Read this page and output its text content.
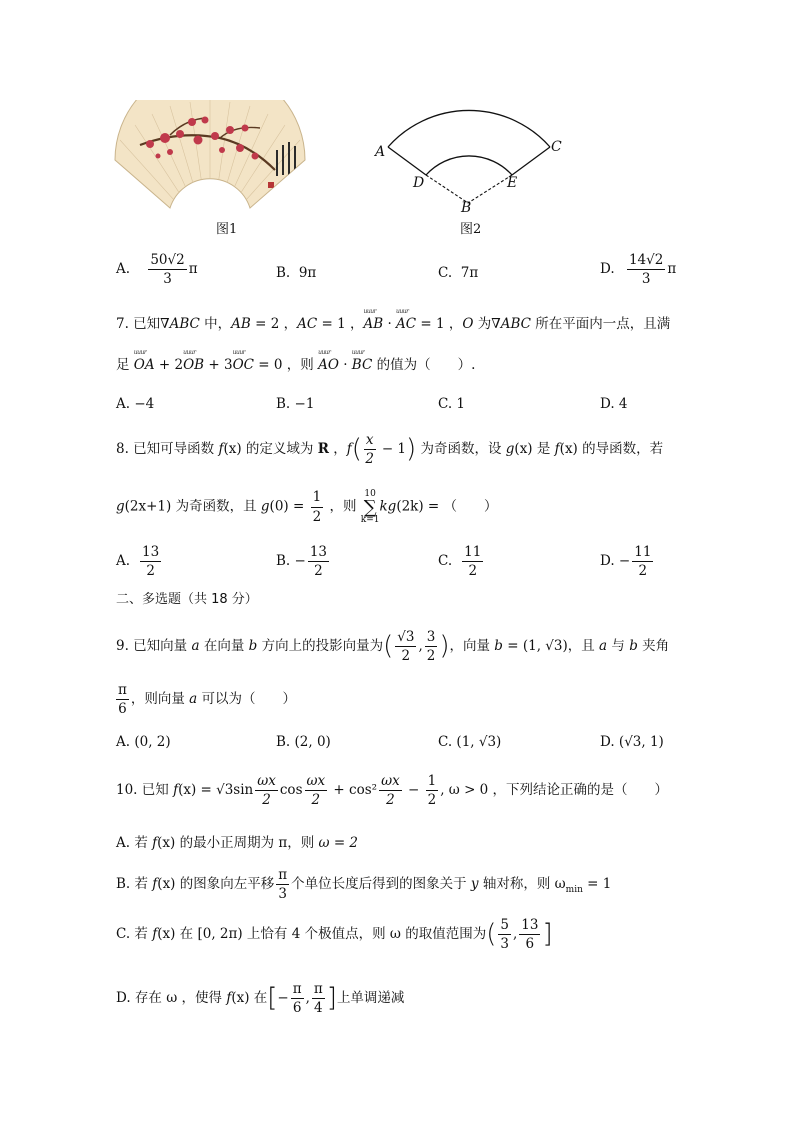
图1
A	C
D	E
B
图2
A. $\frac{50√2}{3}$ π	B. 9π	C. 7π	D. $\frac{14√2}{3}$ π
7. 已知∇ABC 中，AB = 2 ，AC = 1 ，uuur AB · uuur AC = 1 ，O 为∇ABC 所在平面内一点，且满
足 uuur OA + 2uuur OB + 3uuur OC = 0 ，则 uuur AO · uuur BC 的值为（　　）.
A. −4	B. −1	C. 1	D. 4
8. 已知可导函数 f(x) 的定义域为 R ，$f( \frac{x}{2} - 1)$ 为奇函数，设 g(x) 是 f(x) 的导函数，若
g(2x+1) 为奇函数，且 $g(0) = \frac{1}{2}$ ，则
10
∑
k=1
kg(2k) = （　　）
A. $\frac{13}{2}$	B. − $\frac{13}{2}$	C. $\frac{11}{2}$	D. − $\frac{11}{2}$
二、多选题（共 18 分）
9. 已知向量 a 在向量 b 方向上的投影向量为( $\frac{√3}{2}$ , $\frac{3}{2}$ )，向量 b = (1, √3)，且 a 与 b 夹角
$\frac{\pi}{6}$ ，则向量 a 可以为（　　）
A. (0, 2)	B. (2, 0)	C. (1, √3)	D. (√3, 1)
10. 已知 $f(x) = √3\sin \frac{\omega x}{2}$ $\cos \frac{\omega x}{2} + \cos^2 \frac{\omega x}{2} - \frac{1}{2}$ , ω > 0 ，下列结论正确的是（　　）
A. 若 f(x) 的最小正周期为 π，则 ω = 2
B. 若 f(x) 的图象向左平移 $\frac{\pi}{3}$ 个单位长度后得到的图象关于 y 轴对称，则 $\omega_{min} = 1$
C. 若 f(x) 在 [0, 2π) 上恰有 4 个极值点，则 ω 的取值范围为( $\frac{5}{3}$ , $\frac{13}{6}$ ]
D. 存在 ω ，使得 f(x) 在[− $\frac{\pi}{6}$ , $\frac{\pi}{4}$ ]上单调递减
